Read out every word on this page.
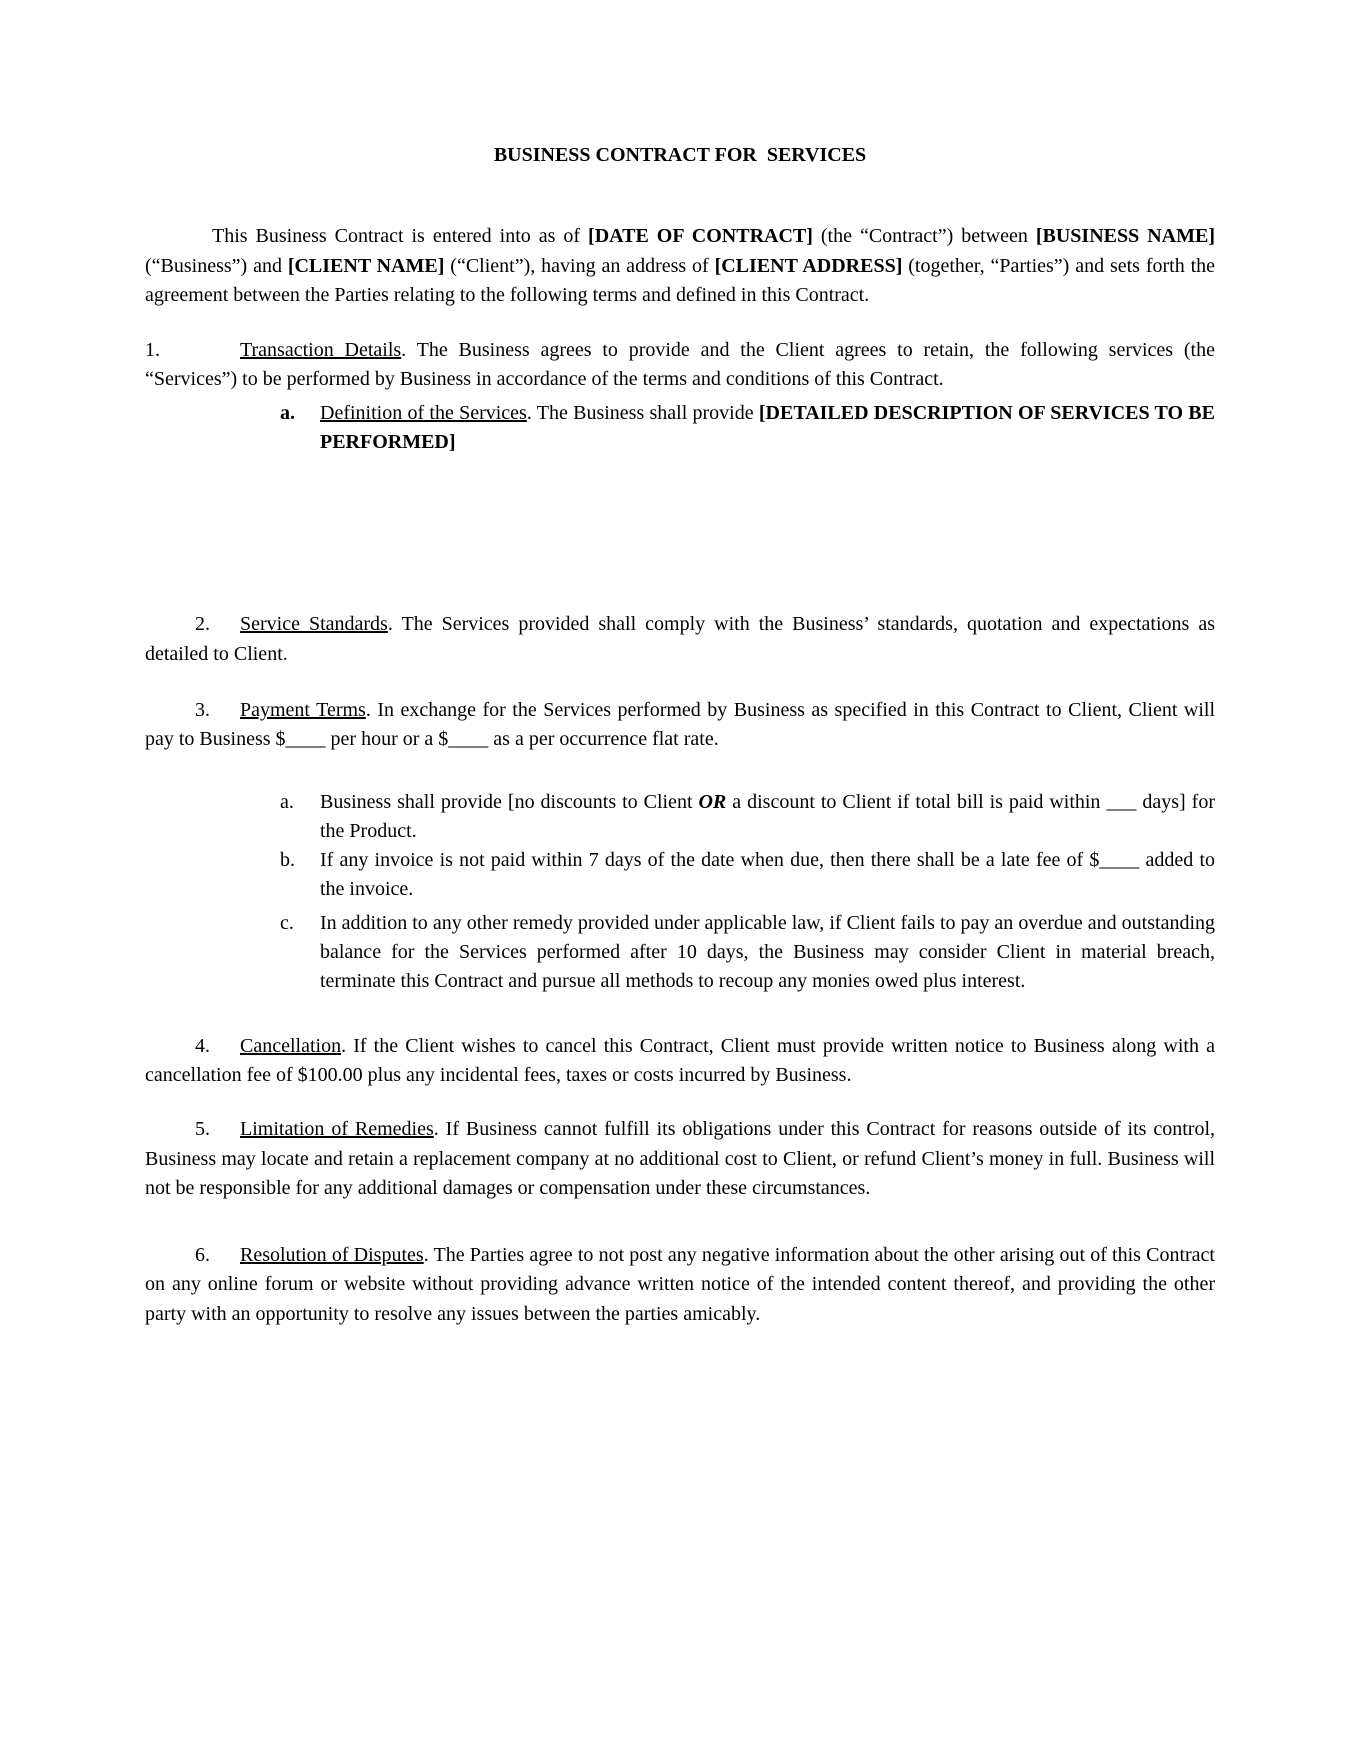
BUSINESS CONTRACT FOR  SERVICES

This Business Contract is entered into as of [DATE OF CONTRACT] (the “Contract”) between [BUSINESS NAME] (“Business”) and [CLIENT NAME] (“Client”), having an address of [CLIENT ADDRESS] (together, “Parties”) and sets forth the agreement between the Parties relating to the following terms and defined in this Contract.

1.	Transaction Details. The Business agrees to provide and the Client agrees to retain, the following services (the “Services”) to be performed by Business in accordance of the terms and conditions of this Contract.

a. Definition of the Services. The Business shall provide [DETAILED DESCRIPTION OF SERVICES TO BE PERFORMED]

2. Service Standards. The Services provided shall comply with the Business’ standards, quotation and expectations as detailed to Client.

3. Payment Terms. In exchange for the Services performed by Business as specified in this Contract to Client, Client will pay to Business $____ per hour or a $____ as a per occurrence flat rate.

a. Business shall provide [no discounts to Client OR a discount to Client if total bill is paid within ___ days] for the Product.

b. If any invoice is not paid within 7 days of the date when due, then there shall be a late fee of $____ added to the invoice.

c. In addition to any other remedy provided under applicable law, if Client fails to pay an overdue and outstanding balance for the Services performed after 10 days, the Business may consider Client in material breach, terminate this Contract and pursue all methods to recoup any monies owed plus interest.

4. Cancellation. If the Client wishes to cancel this Contract, Client must provide written notice to Business along with a cancellation fee of $100.00 plus any incidental fees, taxes or costs incurred by Business.

5. Limitation of Remedies. If Business cannot fulfill its obligations under this Contract for reasons outside of its control, Business may locate and retain a replacement company at no additional cost to Client, or refund Client’s money in full. Business will not be responsible for any additional damages or compensation under these circumstances.

6. Resolution of Disputes. The Parties agree to not post any negative information about the other arising out of this Contract on any online forum or website without providing advance written notice of the intended content thereof, and providing the other party with an opportunity to resolve any issues between the parties amicably.
